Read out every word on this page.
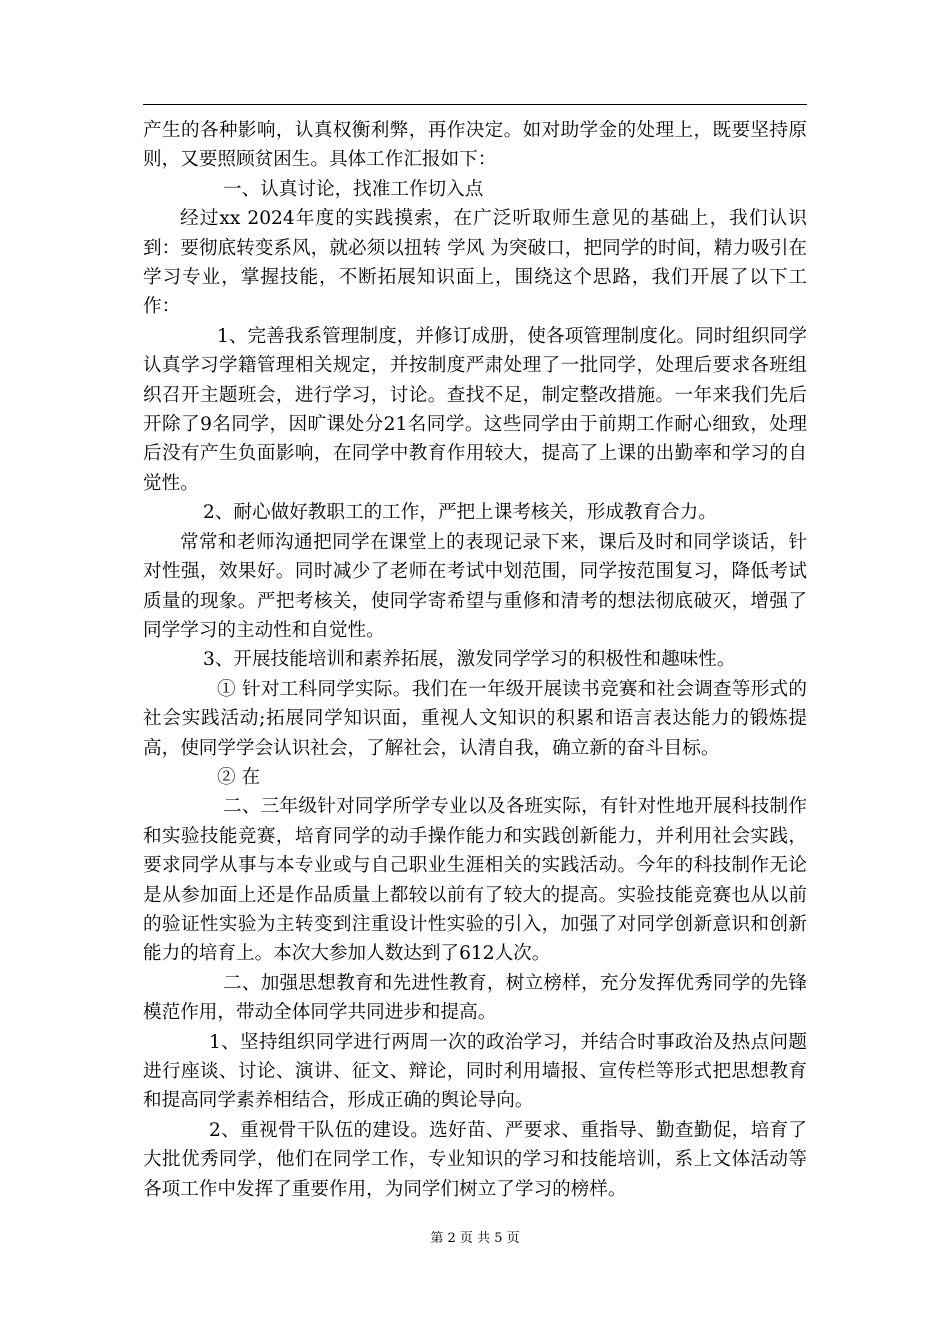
产生的各种影响，认真权衡利弊，再作决定。如对助学金的处理上，既要坚持原则，又要照顾贫困生。具体工作汇报如下：

一、认真讨论，找准工作切入点

经过xx 2024年度的实践摸索，在广泛听取师生意见的基础上，我们认识到：要彻底转变系风，就必须以扭转 学风 为突破口，把同学的时间，精力吸引在学习专业，掌握技能，不断拓展知识面上，围绕这个思路，我们开展了以下工作：

1、完善我系管理制度，并修订成册，使各项管理制度化。同时组织同学认真学习学籍管理相关规定，并按制度严肃处理了一批同学，处理后要求各班组织召开主题班会，进行学习，讨论。查找不足，制定整改措施。一年来我们先后开除了9名同学，因旷课处分21名同学。这些同学由于前期工作耐心细致，处理后没有产生负面影响，在同学中教育作用较大，提高了上课的出勤率和学习的自觉性。

2、耐心做好教职工的工作，严把上课考核关，形成教育合力。

常常和老师沟通把同学在课堂上的表现记录下来，课后及时和同学谈话，针对性强，效果好。同时减少了老师在考试中划范围，同学按范围复习，降低考试质量的现象。严把考核关，使同学寄希望与重修和清考的想法彻底破灭，增强了同学学习的主动性和自觉性。

3、开展技能培训和素养拓展，激发同学学习的积极性和趣味性。

① 针对工科同学实际。我们在一年级开展读书竞赛和社会调查等形式的社会实践活动;拓展同学知识面，重视人文知识的积累和语言表达能力的锻炼提高，使同学学会认识社会，了解社会，认清自我，确立新的奋斗目标。

② 在

二、三年级针对同学所学专业以及各班实际，有针对性地开展科技制作和实验技能竞赛，培育同学的动手操作能力和实践创新能力，并利用社会实践，要求同学从事与本专业或与自己职业生涯相关的实践活动。今年的科技制作无论是从参加面上还是作品质量上都较以前有了较大的提高。实验技能竞赛也从以前的验证性实验为主转变到注重设计性实验的引入，加强了对同学创新意识和创新能力的培育上。本次大参加人数达到了612人次。

二、加强思想教育和先进性教育，树立榜样，充分发挥优秀同学的先锋模范作用，带动全体同学共同进步和提高。

1、坚持组织同学进行两周一次的政治学习，并结合时事政治及热点问题进行座谈、讨论、演讲、征文、辩论，同时利用墙报、宣传栏等形式把思想教育和提高同学素养相结合，形成正确的舆论导向。

2、重视骨干队伍的建设。选好苗、严要求、重指导、勤查勤促，培育了大批优秀同学，他们在同学工作，专业知识的学习和技能培训，系上文体活动等各项工作中发挥了重要作用，为同学们树立了学习的榜样。

第 2 页 共 5 页
